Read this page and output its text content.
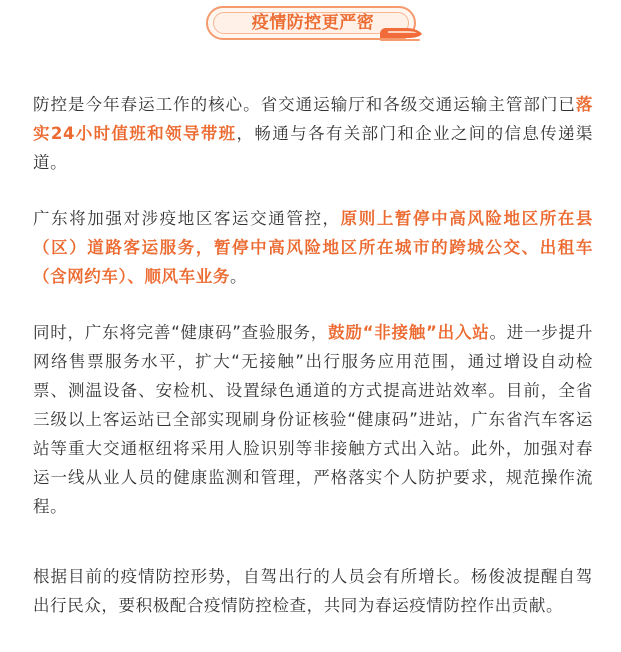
疫情防控更严密

防控是今年春运工作的核心。省交通运输厅和各级交通运输主管部门已落实24小时值班和领导带班，畅通与各有关部门和企业之间的信息传递渠道。

广东将加强对涉疫地区客运交通管控，原则上暂停中高风险地区所在县（区）道路客运服务，暂停中高风险地区所在城市的跨城公交、出租车（含网约车）、顺风车业务。

同时，广东将完善“健康码”查验服务，鼓励“非接触”出入站。进一步提升网络售票服务水平，扩大“无接触”出行服务应用范围，通过增设自动检票、测温设备、安检机、设置绿色通道的方式提高进站效率。目前，全省三级以上客运站已全部实现刷身份证核验“健康码”进站，广东省汽车客运站等重大交通枢纽将采用人脸识别等非接触方式出入站。此外，加强对春运一线从业人员的健康监测和管理，严格落实个人防护要求，规范操作流程。

根据目前的疫情防控形势，自驾出行的人员会有所增长。杨俊波提醒自驾出行民众，要积极配合疫情防控检查，共同为春运疫情防控作出贡献。
